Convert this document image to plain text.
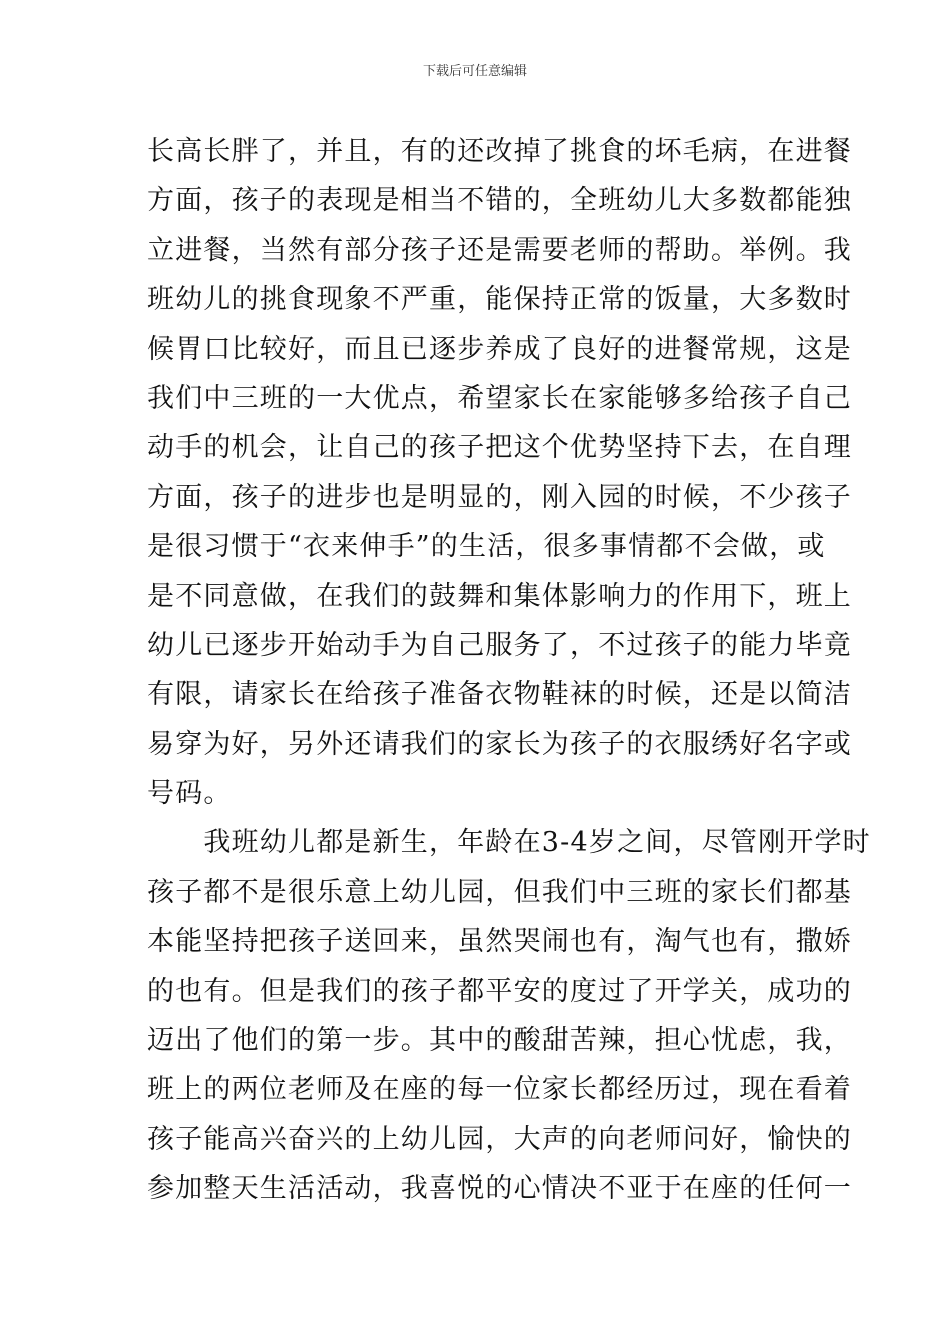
下载后可任意编辑
长高长胖了，并且，有的还改掉了挑食的坏毛病，在进餐
方面，孩子的表现是相当不错的，全班幼儿大多数都能独
立进餐，当然有部分孩子还是需要老师的帮助。举例。我
班幼儿的挑食现象不严重，能保持正常的饭量，大多数时
候胃口比较好，而且已逐步养成了良好的进餐常规，这是
我们中三班的一大优点，希望家长在家能够多给孩子自己
动手的机会，让自己的孩子把这个优势坚持下去，在自理
方面，孩子的进步也是明显的，刚入园的时候，不少孩子
是很习惯于“衣来伸手”的生活，很多事情都不会做，或
是不同意做，在我们的鼓舞和集体影响力的作用下，班上
幼儿已逐步开始动手为自己服务了，不过孩子的能力毕竟
有限，请家长在给孩子准备衣物鞋袜的时候，还是以简洁
易穿为好，另外还请我们的家长为孩子的衣服绣好名字或
号码。
　　我班幼儿都是新生，年龄在3-4岁之间，尽管刚开学时
孩子都不是很乐意上幼儿园，但我们中三班的家长们都基
本能坚持把孩子送回来，虽然哭闹也有，淘气也有，撒娇
的也有。但是我们的孩子都平安的度过了开学关，成功的
迈出了他们的第一步。其中的酸甜苦辣，担心忧虑，我，
班上的两位老师及在座的每一位家长都经历过，现在看着
孩子能高兴奋兴的上幼儿园，大声的向老师问好，愉快的
参加整天生活活动，我喜悦的心情决不亚于在座的任何一
